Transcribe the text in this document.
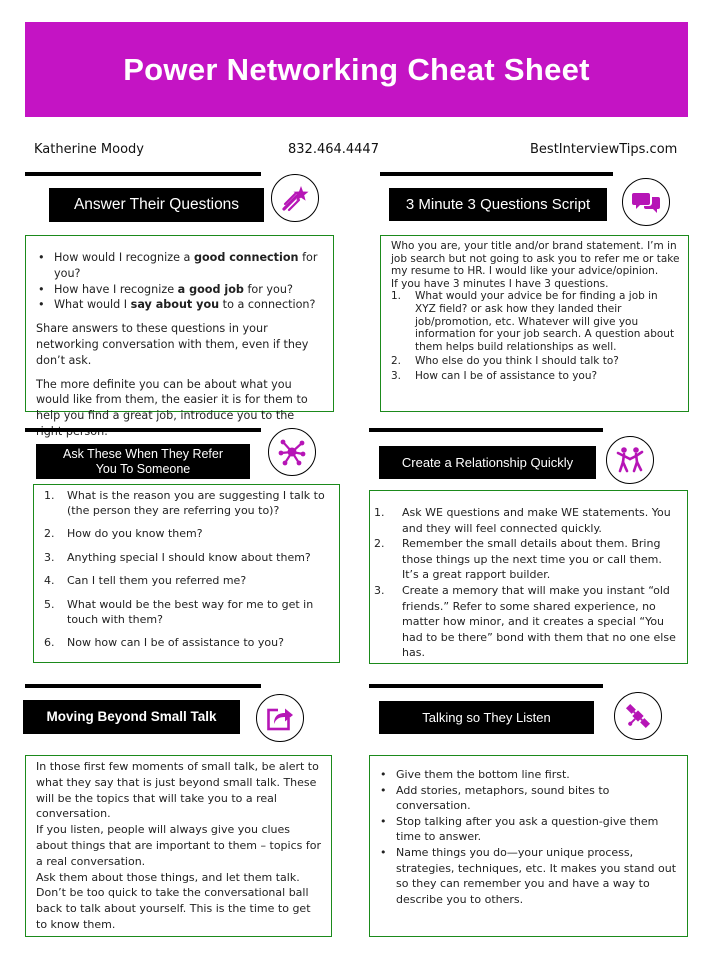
Power Networking Cheat Sheet
Katherine Moody	832.464.4447	BestInterviewTips.com
Answer Their Questions
• How would I recognize a good connection for you?
• How have I recognize a good job for you?
• What would I say about you to a connection?

Share answers to these questions in your networking conversation with them, even if they don’t ask.

The more definite you can be about what you would like from them, the easier it is for them to help you find a great job, introduce you to the

3 Minute 3 Questions Script

Who you are, your title and/or brand statement. I’m in job search but not going to ask you to refer me or take my resume to HR. I would like your advice/opinion.

If you have 3 minutes I have 3 questions.

1. What would your advice be for finding a job in XYZ field? or ask how they landed their job/promotion, etc. Whatever will give you information for your job search. A question about them helps build relationships as well.
2. Who else do you think I should talk to?
3. How can I be of assistance to you?
Ask These When They Refer
You To Someone
1. What is the reason you are suggesting I talk to (the person they are referring you to)?
2. How do you know them?
3. Anything special I should know about them?
4. Can I tell them you referred me?
5. What would be the best way for me to get in touch with them?
6. Now how can I be of assistance to you?
Create a Relationship Quickly
1. Ask WE questions and make WE statements. You and they will feel connected quickly.
2. Remember the small details about them. Bring those things up the next time you or call them. It’s a great rapport builder.
3. Create a memory that will make you instant “old friends.” Refer to some shared experience, no matter how minor, and it creates a special “You had to be there” bond with them that no one else has.
Moving Beyond Small Talk

In those first few moments of small talk, be alert to what they say that is just beyond small talk. These will be the topics that will take you to a real conversation.

If you listen, people will always give you clues about things that are important to them – topics for a real conversation.

Ask them about those things, and let them talk.

Don’t be too quick to take the conversational ball back to talk about yourself. This is the time to get to know them.

Talking so They Listen
• Give them the bottom line first.
• Add stories, metaphors, sound bites to conversation.
• Stop talking after you ask a question-give them time to answer.
• Name things you do—your unique process, strategies, techniques, etc. It makes you stand out so they can remember you and have a way to describe you to others.
